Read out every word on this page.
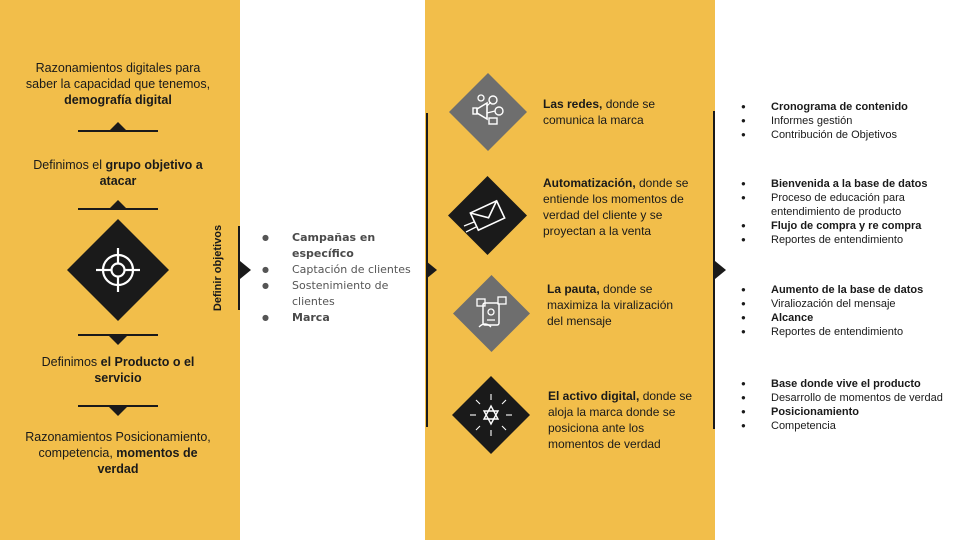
Razonamientos digitales para saber la capacidad que tenemos, demografía digital
Definimos el grupo objetivo a atacar
Definimos el Producto o el servicio
Razonamientos Posicionamiento, competencia, momentos de verdad
Definir objetivos
●	Campañas en específico
● Captación de clientes
● Sostenimiento de clientes
● Marca
Las redes, donde se comunica la marca
Automatización, donde se entiende los momentos de verdad del cliente y se proyectan a la venta
La pauta, donde se maximiza la viralización del mensaje
El activo digital, donde se aloja la marca donde se posiciona ante los momentos de verdad
● Cronograma de contenido
● Informes gestión
● Contribución de Objetivos
● Bienvenida a la base de datos
● Proceso de educación para entendimiento de producto
● Flujo de compra y re compra
● Reportes de entendimiento
● Aumento de la base de datos
● Viraliozación del mensaje
● Alcance
● Reportes de entendimiento
● Base donde vive el producto
● Desarrollo de momentos de verdad
● Posicionamiento
● Competencia
